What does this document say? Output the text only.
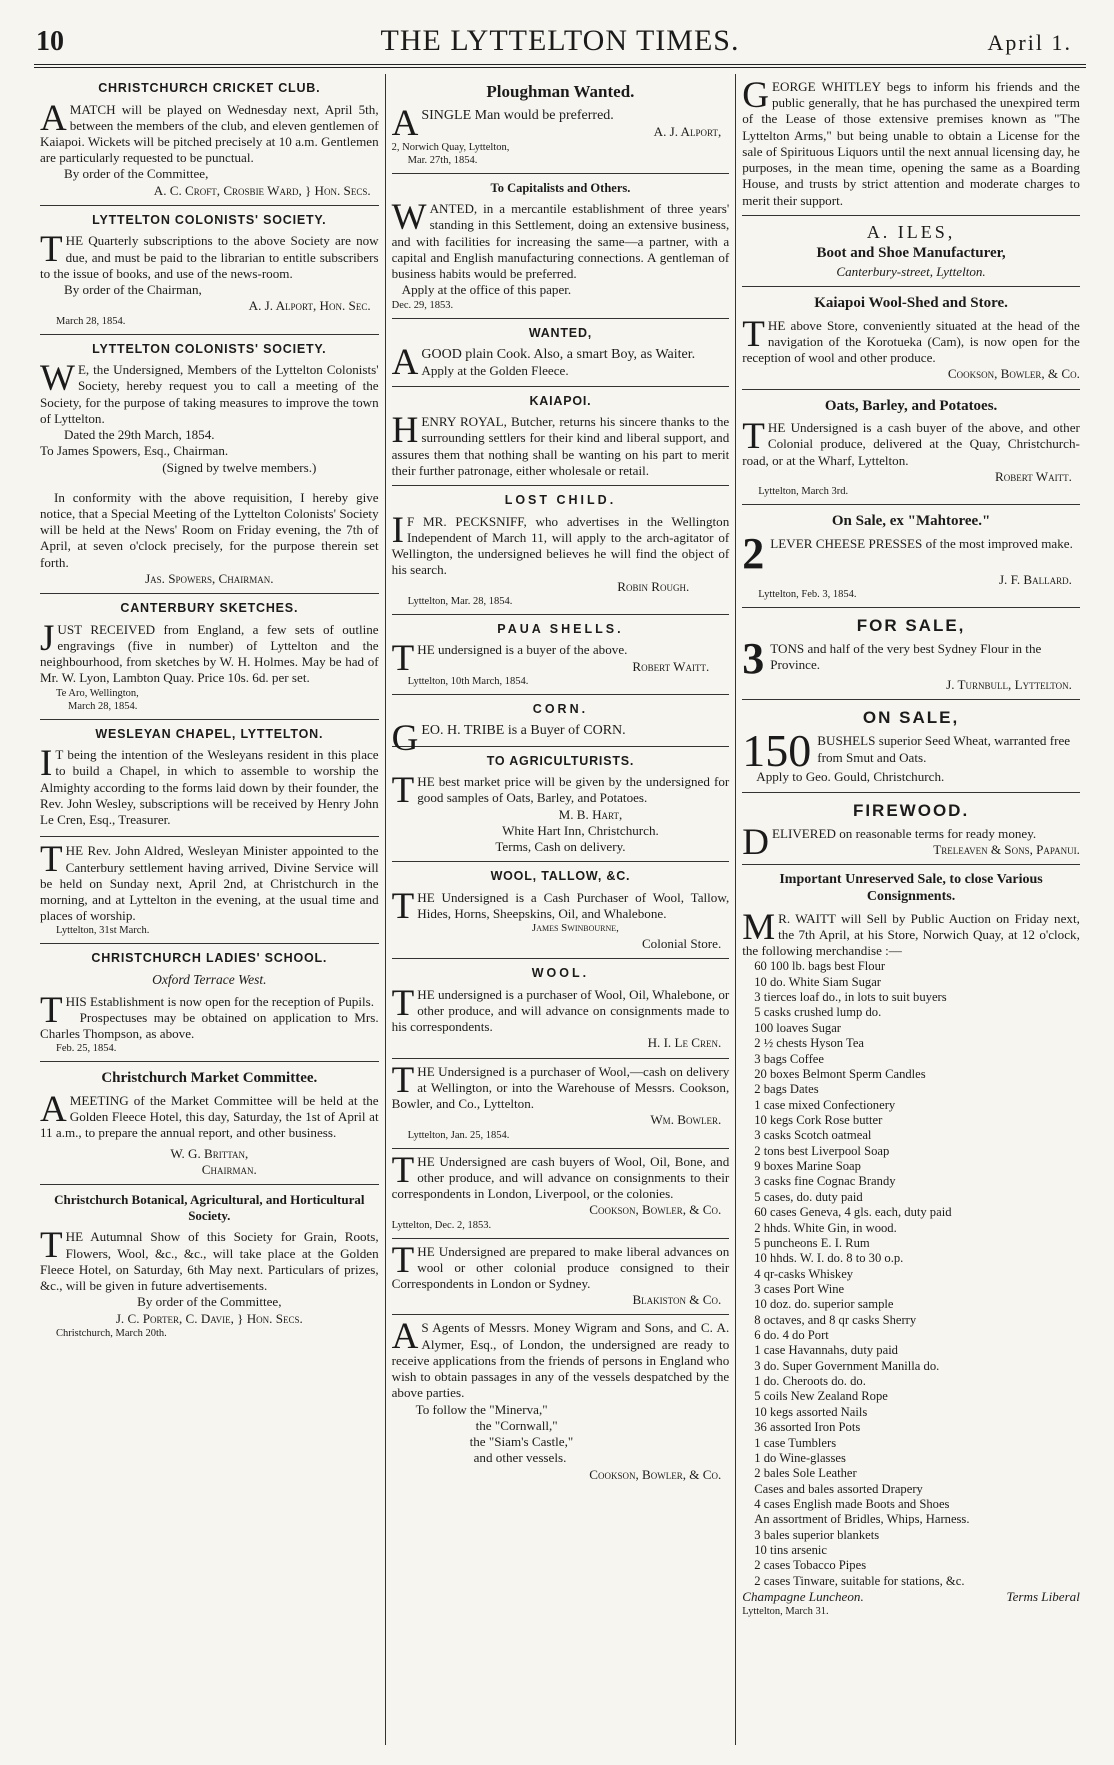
10	THE LYTTELTON TIMES.	April 1.
CHRISTCHURCH CRICKET CLUB.
AMATCH will be played on Wednesday next, April 5th, between the members of the club, and eleven gentlemen of Kaiapoi. Wickets will be pitched precisely at 10 a.m. Gentlemen are particularly requested to be punctual.
By order of the Committee,
A. C. Croft, Crosbie Ward, } Hon. Secs.
LYTTELTON COLONISTS' SOCIETY.
THE Quarterly subscriptions to the above Society are now due, and must be paid to the librarian to entitle subscribers to the issue of books, and use of the news-room.
By order of the Chairman,
A. J. Alport, Hon. Sec.
March 28, 1854.
LYTTELTON COLONISTS' SOCIETY.
WE, the Undersigned, Members of the Lyttelton Colonists' Society, hereby request you to call a meeting of the Society, for the purpose of taking measures to improve the town of Lyttelton.
Dated the 29th March, 1854.
To James Spowers, Esq., Chairman.
(Signed by twelve members.)
In conformity with the above requisition, I hereby give notice, that a Special Meeting of the Lyttelton Colonists' Society will be held at the News' Room on Friday evening, the 7th of April, at seven o'clock precisely, for the purpose therein set forth.
Jas. Spowers, Chairman.
CANTERBURY SKETCHES.
JUST RECEIVED from England, a few sets of outline engravings (five in number) of Lyttelton and the neighbourhood, from sketches by W. H. Holmes. May be had of Mr. W. Lyon, Lambton Quay. Price 10s. 6d. per set.
Te Aro, Wellington,
March 28, 1854.
WESLEYAN CHAPEL, LYTTELTON.
IT being the intention of the Wesleyans resident in this place to build a Chapel, in which to assemble to worship the Almighty according to the forms laid down by their founder, the Rev. John Wesley, subscriptions will be received by Henry John Le Cren, Esq., Treasurer.
THE Rev. John Aldred, Wesleyan Minister appointed to the Canterbury settlement having arrived, Divine Service will be held on Sunday next, April 2nd, at Christchurch in the morning, and at Lyttelton in the evening, at the usual time and places of worship.
Lyttelton, 31st March.
CHRISTCHURCH LADIES' SCHOOL.
Oxford Terrace West.
THIS Establishment is now open for the reception of Pupils.
Prospectuses may be obtained on application to Mrs. Charles Thompson, as above.
Feb. 25, 1854.
Christchurch Market Committee.
AMEETING of the Market Committee will be held at the Golden Fleece Hotel, this day, Saturday, the 1st of April at 11 a.m., to prepare the annual report, and other business.
W. G. Brittan,
Chairman.
Christchurch Botanical, Agricultural, and Horticultural Society.
THE Autumnal Show of this Society for Grain, Roots, Flowers, Wool, &c., &c., will take place at the Golden Fleece Hotel, on Saturday, 6th May next. Particulars of prizes, &c., will be given in future advertisements.
By order of the Committee,
J. C. Porter, C. Davie, } Hon. Secs.
Christchurch, March 20th.
Ploughman Wanted.
ASINGLE Man would be preferred.
A. J. Alport,
2, Norwich Quay, Lyttelton,
Mar. 27th, 1854.
To Capitalists and Others.
WANTED, in a mercantile establishment of three years' standing in this Settlement, doing an extensive business, and with facilities for increasing the same—a partner, with a capital and English manufacturing connections. A gentleman of business habits would be preferred.
Apply at the office of this paper.
Dec. 29, 1853.
WANTED,
AGOOD plain Cook. Also, a smart Boy, as Waiter.
Apply at the Golden Fleece.
KAIAPOI.
HENRY ROYAL, Butcher, returns his sincere thanks to the surrounding settlers for their kind and liberal support, and assures them that nothing shall be wanting on his part to merit their further patronage, either wholesale or retail.
LOST CHILD.
IF MR. PECKSNIFF, who advertises in the Wellington Independent of March 11, will apply to the arch-agitator of Wellington, the undersigned believes he will find the object of his search.
Robin Rough.
Lyttelton, Mar. 28, 1854.
PAUA SHELLS.
THE undersigned is a buyer of the above.
Robert Waitt.
Lyttelton, 10th March, 1854.
CORN.
GEO. H. TRIBE is a Buyer of CORN.
TO AGRICULTURISTS.
THE best market price will be given by the undersigned for good samples of Oats, Barley, and Potatoes.
M. B. Hart,
White Hart Inn, Christchurch.
Terms, Cash on delivery.
WOOL, TALLOW, &C.
THE Undersigned is a Cash Purchaser of Wool, Tallow, Hides, Horns, Sheepskins, Oil, and Whalebone.
James Swinbourne,
Colonial Store.
WOOL.
THE undersigned is a purchaser of Wool, Oil, Whalebone, or other produce, and will advance on consignments made to his correspondents.
H. I. Le Cren.
THE Undersigned is a purchaser of Wool,—cash on delivery at Wellington, or into the Warehouse of Messrs. Cookson, Bowler, and Co., Lyttelton.
Wm. Bowler.
Lyttelton, Jan. 25, 1854.
THE Undersigned are cash buyers of Wool, Oil, Bone, and other produce, and will advance on consignments to their correspondents in London, Liverpool, or the colonies.
Cookson, Bowler, & Co.
Lyttelton, Dec. 2, 1853.
THE Undersigned are prepared to make liberal advances on wool or other colonial produce consigned to their Correspondents in London or Sydney.
Blakiston & Co.
AS Agents of Messrs. Money Wigram and Sons, and C. A. Alymer, Esq., of London, the undersigned are ready to receive applications from the friends of persons in England who wish to obtain passages in any of the vessels despatched by the above parties.
To follow the "Minerva,"
the "Cornwall,"
the "Siam's Castle,"
and other vessels.
Cookson, Bowler, & Co.
GEORGE WHITLEY begs to inform his friends and the public generally, that he has purchased the unexpired term of the Lease of those extensive premises known as "The Lyttelton Arms," but being unable to obtain a License for the sale of Spirituous Liquors until the next annual licensing day, he purposes, in the mean time, opening the same as a Boarding House, and trusts by strict attention and moderate charges to merit their support.
A. ILES,
Boot and Shoe Manufacturer,
Canterbury-street, Lyttelton.
Kaiapoi Wool-Shed and Store.
THE above Store, conveniently situated at the head of the navigation of the Korotueka (Cam), is now open for the reception of wool and other produce.
Cookson, Bowler, & Co.
Oats, Barley, and Potatoes.
THE Undersigned is a cash buyer of the above, and other Colonial produce, delivered at the Quay, Christchurch-road, or at the Wharf, Lyttelton.
Robert Waitt.
Lyttelton, March 3rd.
On Sale, ex "Mahtoree."
2 LEVER CHEESE PRESSES of the most improved make.
J. F. Ballard.
Lyttelton, Feb. 3, 1854.
FOR SALE,
3 TONS and half of the very best Sydney Flour in the Province.
J. Turnbull, Lyttelton.
ON SALE,
150 BUSHELS superior Seed Wheat, warranted free from Smut and Oats.
Apply to Geo. Gould, Christchurch.
FIREWOOD.
DELIVERED on reasonable terms for ready money.
Treleaven & Sons, Papanui.
Important Unreserved Sale, to close Various Consignments.
MR. WAITT will Sell by Public Auction on Friday next, the 7th April, at his Store, Norwich Quay, at 12 o'clock, the following merchandise :—
60 100 lb. bags best Flour
10 do. White Siam Sugar
3 tierces loaf do., in lots to suit buyers
5 casks crushed lump do.
100 loaves Sugar
2 ½ chests Hyson Tea
3 bags Coffee
20 boxes Belmont Sperm Candles
2 bags Dates
1 case mixed Confectionery
10 kegs Cork Rose butter
3 casks Scotch oatmeal
2 tons best Liverpool Soap
9 boxes Marine Soap
3 casks fine Cognac Brandy
5 cases, do. duty paid
60 cases Geneva, 4 gls. each, duty paid
2 hhds. White Gin, in wood.
5 puncheons E. I. Rum
10 hhds. W. I. do. 8 to 30 o.p.
4 qr-casks Whiskey
3 cases Port Wine
10 doz. do. superior sample
8 octaves, and 8 qr casks Sherry
6 do. 4 do Port
1 case Havannahs, duty paid
3 do. Super Government Manilla do.
1 do. Cheroots do. do.
5 coils New Zealand Rope
10 kegs assorted Nails
36 assorted Iron Pots
1 case Tumblers
1 do Wine-glasses
2 bales Sole Leather
Cases and bales assorted Drapery
4 cases English made Boots and Shoes
An assortment of Bridles, Whips, Harness.
3 bales superior blankets
10 tins arsenic
2 cases Tobacco Pipes
2 cases Tinware, suitable for stations, &c.
Champagne Luncheon.	Terms Liberal
Lyttelton, March 31.
